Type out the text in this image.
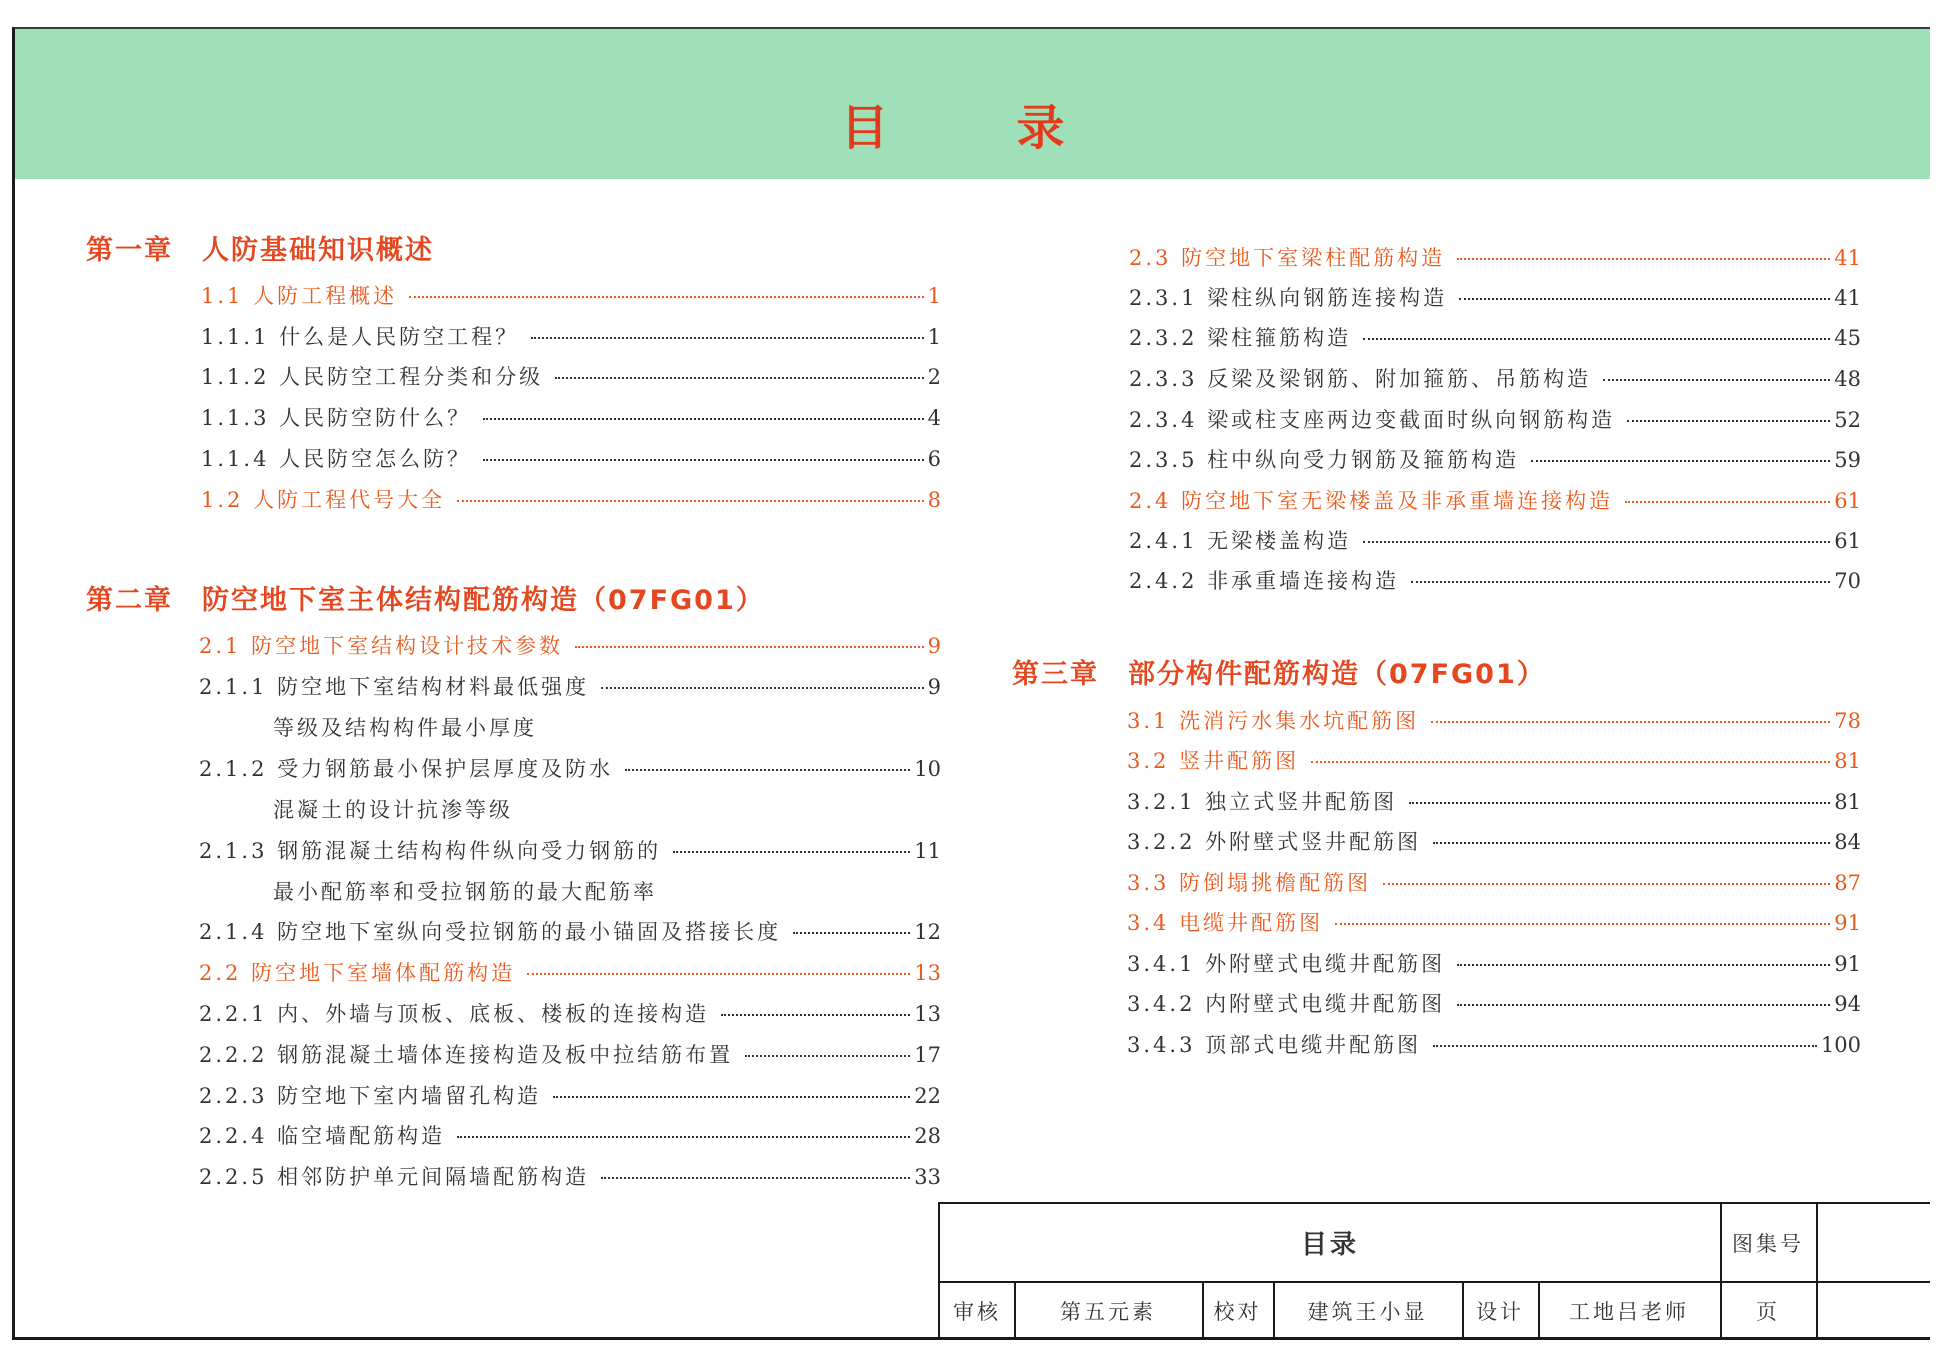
目　录
第一章　人防基础知识概述
第二章　防空地下室主体结构配筋构造（07FG01）
第三章　部分构件配筋构造（07FG01）
1.1 人防工程概述	1
1.1.1 什么是人民防空工程？	1
1.1.2 人民防空工程分类和分级	2
1.1.3 人民防空防什么？	4
1.1.4 人民防空怎么防？	6
1.2 人防工程代号大全	8
2.1 防空地下室结构设计技术参数	9
2.1.1 防空地下室结构材料最低强度	9
等级及结构构件最小厚度
2.1.2 受力钢筋最小保护层厚度及防水	10
混凝土的设计抗渗等级
2.1.3 钢筋混凝土结构构件纵向受力钢筋的	11
最小配筋率和受拉钢筋的最大配筋率
2.1.4 防空地下室纵向受拉钢筋的最小锚固及搭接长度	12
2.2 防空地下室墙体配筋构造	13
2.2.1 内、外墙与顶板、底板、楼板的连接构造	13
2.2.2 钢筋混凝土墙体连接构造及板中拉结筋布置	17
2.2.3 防空地下室内墙留孔构造	22
2.2.4 临空墙配筋构造	28
2.2.5 相邻防护单元间隔墙配筋构造	33
2.3 防空地下室梁柱配筋构造	41
2.3.1 梁柱纵向钢筋连接构造	41
2.3.2 梁柱箍筋构造	45
2.3.3 反梁及梁钢筋、附加箍筋、吊筋构造	48
2.3.4 梁或柱支座两边变截面时纵向钢筋构造	52
2.3.5 柱中纵向受力钢筋及箍筋构造	59
2.4 防空地下室无梁楼盖及非承重墙连接构造	61
2.4.1 无梁楼盖构造	61
2.4.2 非承重墙连接构造	70
3.1 洗消污水集水坑配筋图	78
3.2 竖井配筋图	81
3.2.1 独立式竖井配筋图	81
3.2.2 外附壁式竖井配筋图	84
3.3 防倒塌挑檐配筋图	87
3.4 电缆井配筋图	91
3.4.1 外附壁式电缆井配筋图	91
3.4.2 内附壁式电缆井配筋图	94
3.4.3 顶部式电缆井配筋图	100
目录	图集号
审核	第五元素	校对	建筑王小显	设计	工地吕老师	页
